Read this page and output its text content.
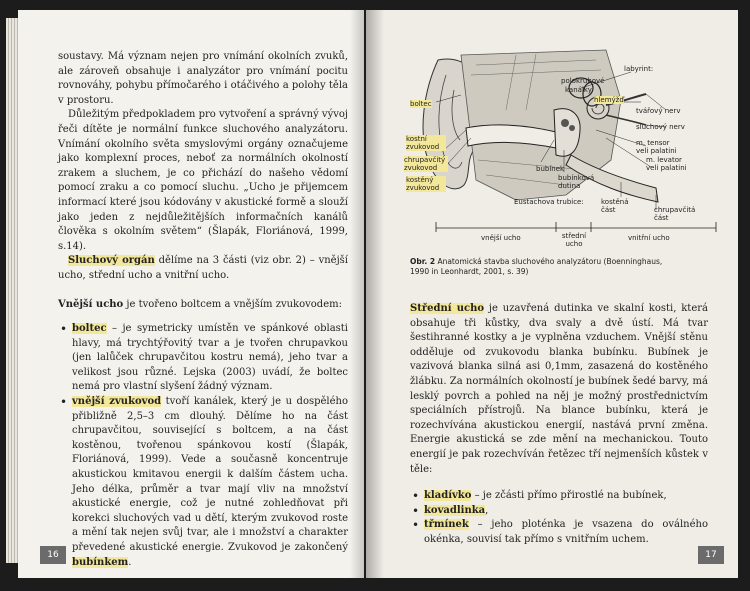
soustavy. Má význam nejen pro vnímání okolních zvuků, ale zároveň obsahuje i analyzátor pro vnímání pocitu rovnováhy, pohybu přímočarého i otáčivého a polohy těla v prostoru.

Důležitým předpokladem pro vytvoření a správný vývoj řeči dítěte je normální funkce sluchového analyzátoru. Vnímání okolního světa smyslovými orgány označujeme jako komplexní proces, neboť za normálních okolností zrakem a sluchem, je co přichází do našeho vědomí pomocí zraku a co pomocí sluchu. „Ucho je přijemcem informací které jsou kódovány v akustické formě a slouží jako jeden z nejdůležitějších informačních kanálů člověka s okolním světem“ (Šlapák, Floriánová, 1999, s.14).

Sluchový orgán dělíme na 3 části (viz obr. 2) – vnější ucho, střední ucho a vnitřní ucho.

Vnější ucho je tvořeno boltcem a vnějším zvukovodem:

• boltec – je symetricky umístěn ve spánkové oblasti hlavy, má trychtýřovitý tvar a je tvořen chrupavkou (jen lalůček chrupavčitou kostru nemá), jeho tvar a velikost jsou různé. Lejska (2003) uvádí, že boltec nemá pro vlastní slyšení žádný význam.
• vnější zvukovod tvoří kanálek, který je u dospělého přibližně 2,5–3 cm dlouhý. Dělíme ho na část chrupavčitou, související s boltcem, a na část kostěnou, tvořenou spánkovou kostí (Šlapák, Floriánová, 1999). Vede a současně koncentruje akustickou kmitavou energii k dalším částem ucha. Jeho délka, průměr a tvar mají vliv na množství akustické energie, což je nutné zohledňovat při korekci sluchových vad u dětí, kterým zvukovod roste a mění tak nejen svůj tvar, ale i množství a charakter převedené akustické energie. Zvukovod je zakončený bubínkem.
16
labyrint:
polokruhové
kanálky
hlemýžď
tvářový nerv
sluchový nerv
m. tensor
veli palatini
m. levator
veli palatini
boltec
kostní zvukovod
chrupavčitý zvukovod
kostěný zvukovod
bubínek
bubínková dutina
Eustachova trubice: kostěná část	chrupavčitá část
vnější ucho	střední ucho
vnitřní ucho
Obr. 2 Anatomická stavba sluchového analyzátoru (Boenninghaus, 1990 in Leonhardt, 2001, s. 39)

Střední ucho je uzavřená dutinka ve skalní kosti, která obsahuje tři kůstky, dva svaly a dvě ústí. Má tvar šestihranné kostky a je vyplněna vzduchem. Vnější stěnu odděluje od zvukovodu blanka bubínku. Bubínek je vazivová blanka silná asi 0,1mm, zasazená do kostěného žlábku. Za normálních okolností je bubínek šedé barvy, má lesklý povrch a pohled na něj je možný prostřednictvím speciálních přístrojů. Na blance bubínku, která je rozechvívána akustickou energií, nastává první změna. Energie akustická se zde mění na mechanickou. Touto energií je pak rozechvíván řetězec tří nejmenších kůstek v těle:

• kladívko – je zčásti přímo přirostlé na bubínek,
• kovadlinka,
• třmínek – jeho ploténka je vsazena do oválného okénka, souvisí tak přímo s vnitřním uchem.
17
